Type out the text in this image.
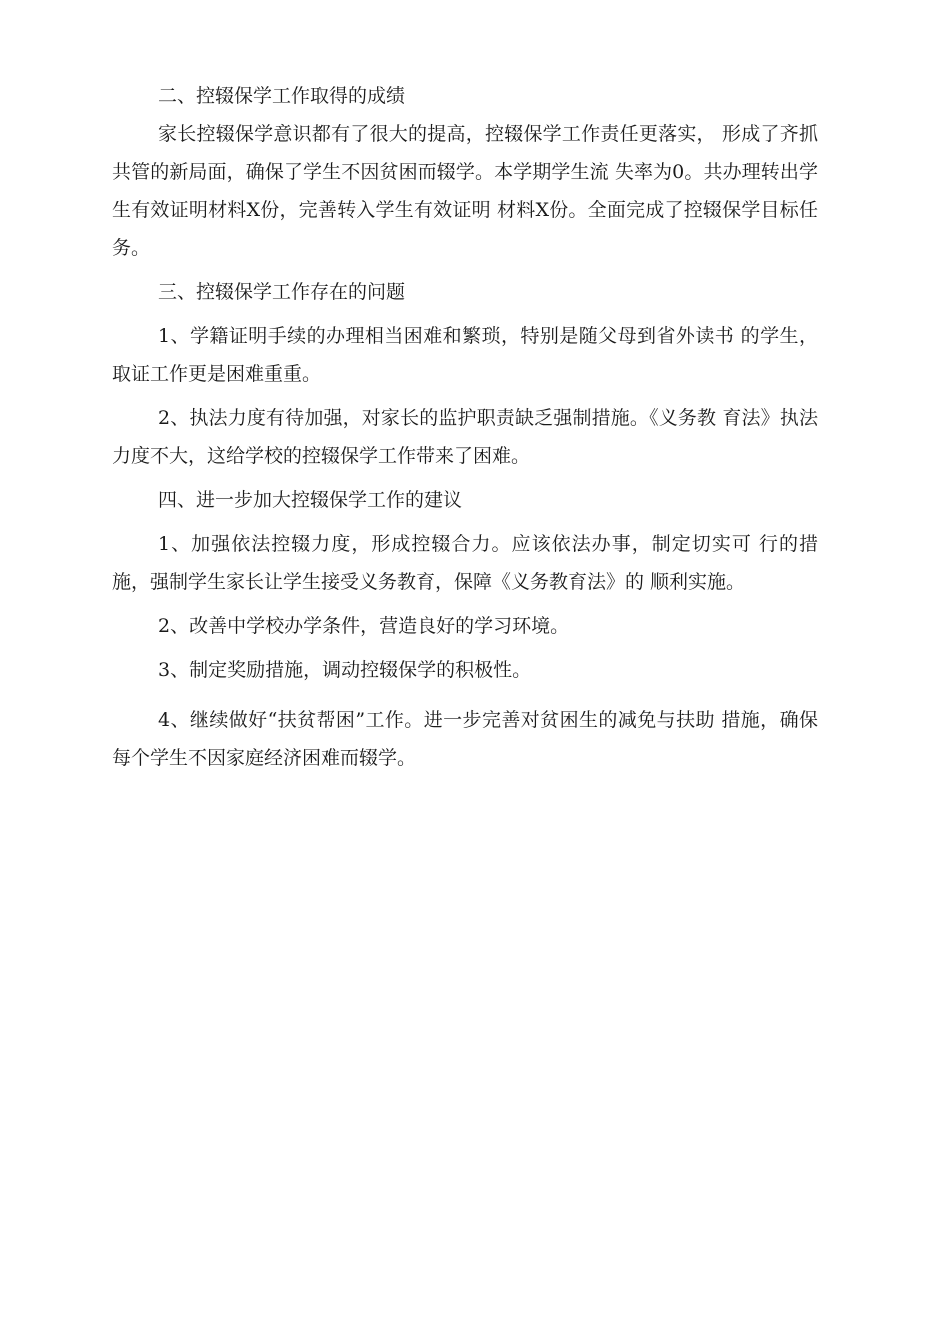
二、控辍保学工作取得的成绩

家长控辍保学意识都有了很大的提高，控辍保学工作责任更落实， 形成了齐抓共管的新局面，确保了学生不因贫困而辍学。本学期学生流 失率为0。共办理转出学生有效证明材料X份，完善转入学生有效证明 材料X份。全面完成了控辍保学目标任务。

三、控辍保学工作存在的问题

1、学籍证明手续的办理相当困难和繁琐，特别是随父母到省外读书 的学生，取证工作更是困难重重。

2、执法力度有待加强，对家长的监护职责缺乏强制措施。《义务教 育法》执法力度不大，这给学校的控辍保学工作带来了困难。

四、进一步加大控辍保学工作的建议

1、加强依法控辍力度，形成控辍合力。应该依法办事，制定切实可 行的措施，强制学生家长让学生接受义务教育，保障《义务教育法》的 顺利实施。

2、改善中学校办学条件，营造良好的学习环境。

3、制定奖励措施，调动控辍保学的积极性。

4、继续做好“扶贫帮困”工作。进一步完善对贫困生的减免与扶助 措施，确保每个学生不因家庭经济困难而辍学。
